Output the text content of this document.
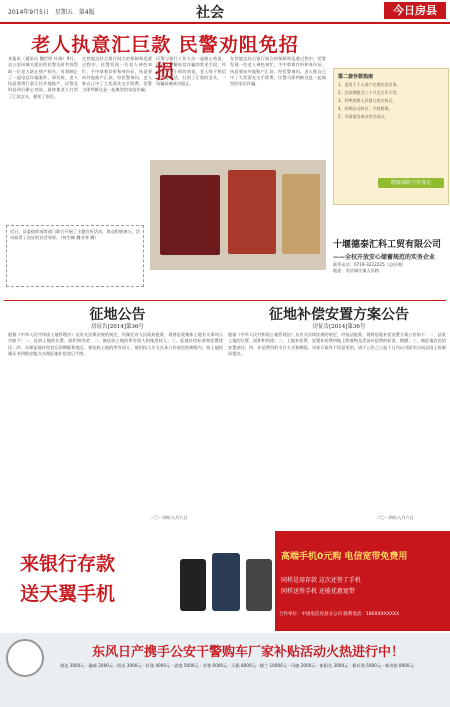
2014年9月5日　星期五　第4版	社会	今日房县
老人执意汇巨款 民警劝阻免招损
本报讯（通讯员 魏世明 杜娟）9月，县公安局城关派出所民警及时有效帮助一位老人防止财产损失，有效制止了一起电信诈骗案件。事发时，老人执意要将巨款汇往外地账户，民警及时赶到后耐心劝说，最终使老人打消了汇款念头，避免了损失。
在营地边驻点银行网点的保障和巡逻过程中，民警发现一位老人神色匆忙，手中拿着存折和身份证，执意要向外地账户汇款，经民警询问，老人称自己中了大奖需先交手续费。民警当即判断这是一起典型的电信诈骗。
民警与银行工作人员一起耐心劝说，向老人讲解电信诈骗的常见手段，经过半个多小时的劝说，老人终于相信了民警的话，打消了汇款的念头，一场骗局被成功阻止。
在营地边驻点银行网点的保障和巡逻过程中，民警发现一位老人神色匆忙，手中拿着存折和身份证，执意要向外地账户汇款，经民警询问，老人称自己中了大奖需先交手续费。民警当即判断这是一起典型的电信诈骗。
近日，县委组织部等部门联合开展了主题宣传活动，群众积极参与，活动取得了良好的社会效果。（何生峰 魏书琴 摄）
第二套存款指南
1、适用于个人客户定期存款业务。
2、存款期限为三个月至五年不等。
3、利率按照人民银行规定执行。
4、到期自动转存，手续简便。
5、详情请咨询各营业网点。
健康保险与你身边
十堰德泰汇科工贸有限公司
——全权开放安心储蓄规范的实务企业
联系电话：0719-3222225（总经理）
地址：房县城关镇人民路
征地公告
房征告[2014]第36号
根据《中华人民共和国土地管理法》及有关法律法规的规定，经湖北省人民政府批准，现将征收集体土地有关事项公告如下：一、征收土地的位置、面积和用途；二、被征收土地的所有权人和使用权人；三、征地补偿标准和安置途径；四、办理征地补偿登记的期限和地点。被征收土地的所有权人、使用权人应当在本公告规定的期限内，持土地权属证书到指定地点办理征地补偿登记手续。
二〇一四年八月六日
征地补偿安置方案公告
房征告[2014]第36号
根据《中华人民共和国土地管理法》及有关法律法规的规定，经依法批准，现将征地补偿安置方案公告如下：一、征收土地的位置、面积和用途；二、土地补偿费、安置补助费和地上附着物及青苗补偿费的标准、数额；三、被征地农民的安置途径；四、补偿费用的支付方式和期限。对本方案有不同意见的，请于公告之日起十日内以书面形式向县国土资源局提出。
二〇一四年八月六日
来银行存款
送天翼手机
高端手机0元购 电信宽带免费用
同样是用存款 这次还签了手机
同样送签手机 还能优惠宽带
合作单位：中国电信房县分公司 联系电话：186XXXXXXXX
东风日产携手公安干警购车厂家补贴活动火热进行中！
骐达 3000元 · 骊威 2000元 · 阳光 3000元 · 轩逸 4000元 · 逍客 5000元 · 奇骏 6000元 · 天籁 8000元 · 楼兰 10000元 · 玛驰 2000元 · 新阳光 3000元 · 新轩逸 5000元 · 新奇骏 8000元
